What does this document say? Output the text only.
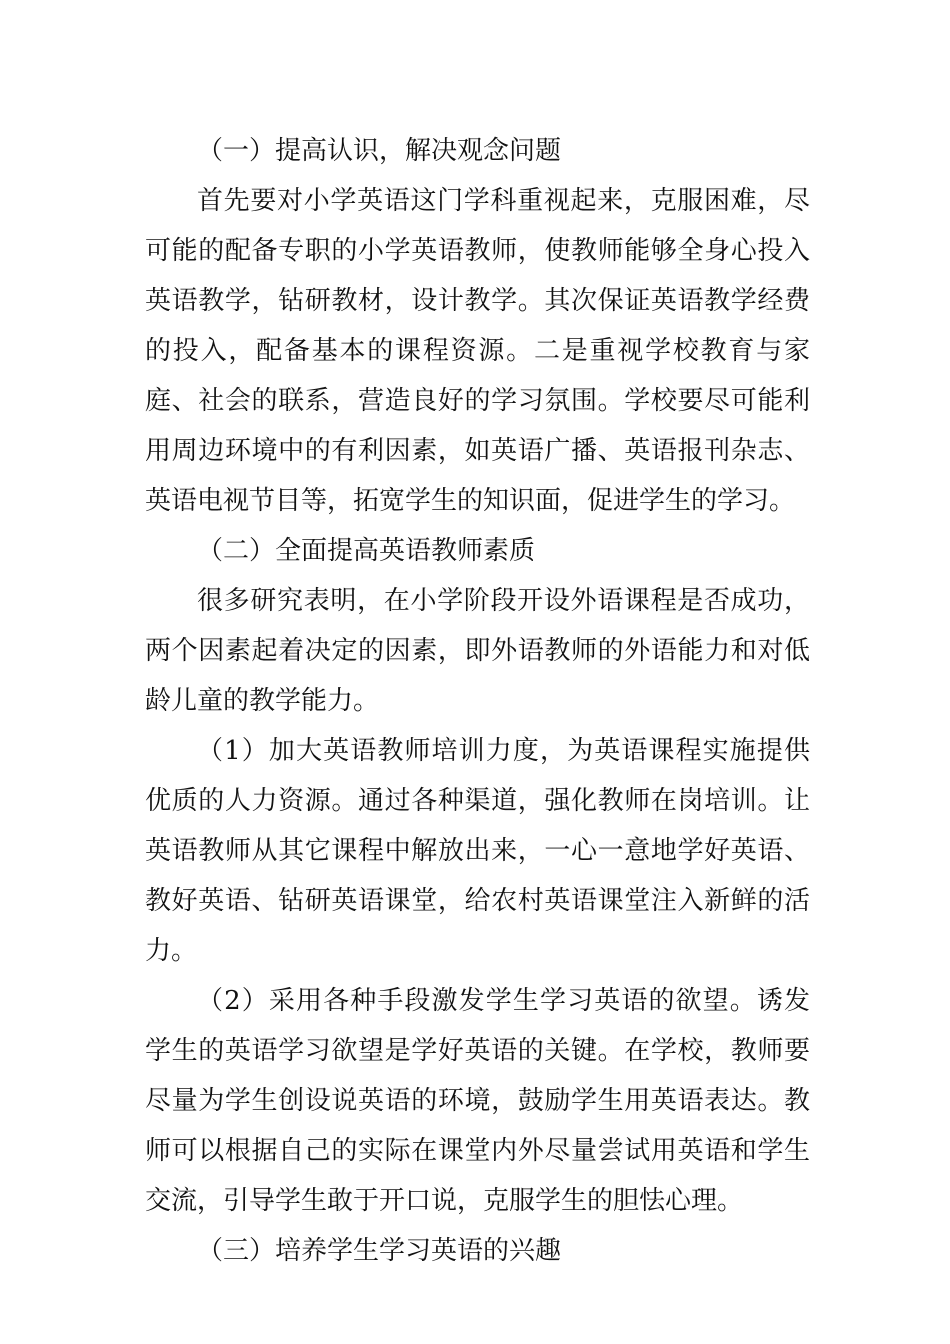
（一）提高认识，解决观念问题

首先要对小学英语这门学科重视起来，克服困难，尽可能的配备专职的小学英语教师，使教师能够全身心投入英语教学，钻研教材，设计教学。其次保证英语教学经费的投入，配备基本的课程资源。二是重视学校教育与家庭、社会的联系，营造良好的学习氛围。学校要尽可能利用周边环境中的有利因素，如英语广播、英语报刊杂志、英语电视节目等，拓宽学生的知识面，促进学生的学习。

（二）全面提高英语教师素质

很多研究表明，在小学阶段开设外语课程是否成功，两个因素起着决定的因素，即外语教师的外语能力和对低龄儿童的教学能力。

（1）加大英语教师培训力度，为英语课程实施提供优质的人力资源。通过各种渠道，强化教师在岗培训。让英语教师从其它课程中解放出来，一心一意地学好英语、教好英语、钻研英语课堂，给农村英语课堂注入新鲜的活力。

（2）采用各种手段激发学生学习英语的欲望。诱发学生的英语学习欲望是学好英语的关键。在学校，教师要尽量为学生创设说英语的环境，鼓励学生用英语表达。教师可以根据自己的实际在课堂内外尽量尝试用英语和学生交流，引导学生敢于开口说，克服学生的胆怯心理。

（三）培养学生学习英语的兴趣
